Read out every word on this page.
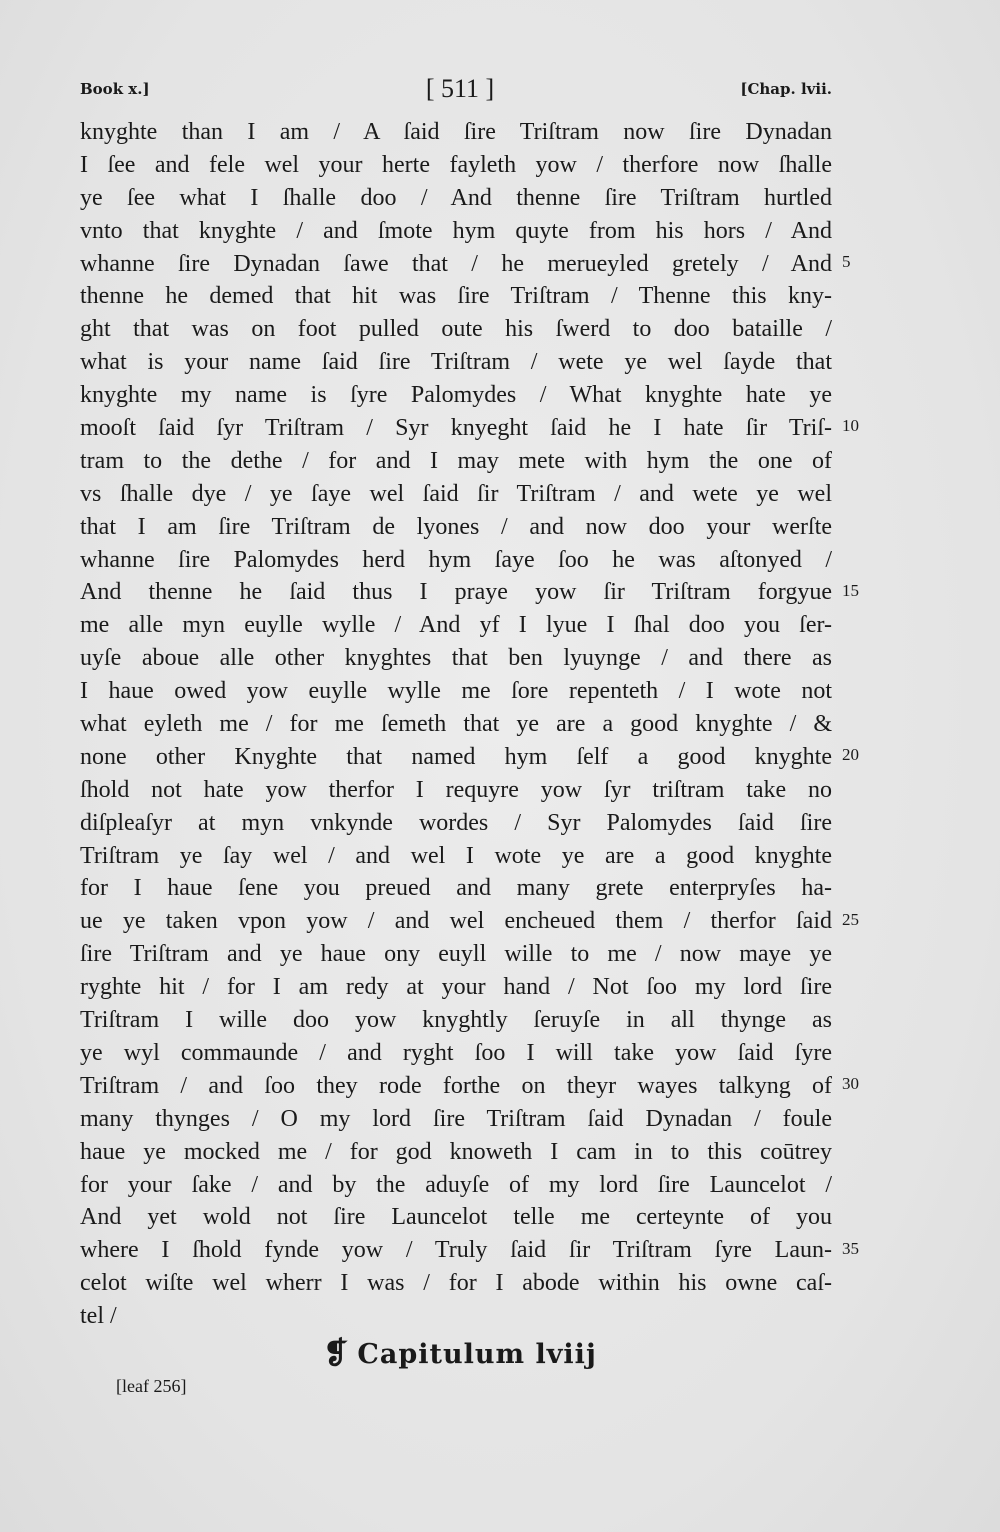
Book x.]	[ 511 ]	[Chap. lvii.
knyghte than I am / A ſaid ſire Triſtram now ſire Dynadan
I ſee and fele wel your herte fayleth yow / therfore now ſhalle
ye ſee what I ſhalle doo / And thenne ſire Triſtram hurtled
vnto that knyghte / and ſmote hym quyte from his hors / And
whanne ſire Dynadan ſawe that / he merueyled gretely / And
thenne he demed that hit was ſire Triſtram / Thenne this kny-
ght that was on foot pulled oute his ſwerd to doo bataille /
what is your name ſaid ſire Triſtram / wete ye wel ſayde that
knyghte my name is ſyre Palomydes / What knyghte hate ye
mooſt ſaid ſyr Triſtram / Syr knyeght ſaid he I hate ſir Triſ-
tram to the dethe / for and I may mete with hym the one of
vs ſhalle dye / ye ſaye wel ſaid ſir Triſtram / and wete ye wel
that I am ſire Triſtram de lyones / and now doo your werſte
whanne ſire Palomydes herd hym ſaye ſoo he was aſtonyed /
And thenne he ſaid thus I praye yow ſir Triſtram forgyue
me alle myn euylle wylle / And yf I lyue I ſhal doo you ſer-
uyſe aboue alle other knyghtes that ben lyuynge / and there as
I haue owed yow euylle wylle me ſore repenteth / I wote not
what eyleth me / for me ſemeth that ye are a good knyghte / &
none other Knyghte that named hym ſelf a good knyghte
ſhold not hate yow therfor I requyre yow ſyr triſtram take no
diſpleaſyr at myn vnkynde wordes / Syr Palomydes ſaid ſire
Triſtram ye ſay wel / and wel I wote ye are a good knyghte
for I haue ſene you preued and many grete enterpryſes ha-
ue ye taken vpon yow / and wel encheued them / therfor ſaid
ſire Triſtram and ye haue ony euyll wille to me / now maye ye
ryghte hit / for I am redy at your hand / Not ſoo my lord ſire
Triſtram I wille doo yow knyghtly ſeruyſe in all thynge as
ye wyl commaunde / and ryght ſoo I will take yow ſaid ſyre
Triſtram / and ſoo they rode forthe on theyr wayes talkyng of
many thynges / O my lord ſire Triſtram ſaid Dynadan / foule
haue ye mocked me / for god knoweth I cam in to this coūtrey
for your ſake / and by the aduyſe of my lord ſire Launcelot /
And yet wold not ſire Launcelot telle me certeynte of you
where I ſhold fynde yow / Truly ſaid ſir Triſtram ſyre Laun-
celot wiſte wel wherr I was / for I abode within his owne caſ-
tel /
5
10
15
20
25
30
35
❡ Capitulum lviij
[leaf 256]
